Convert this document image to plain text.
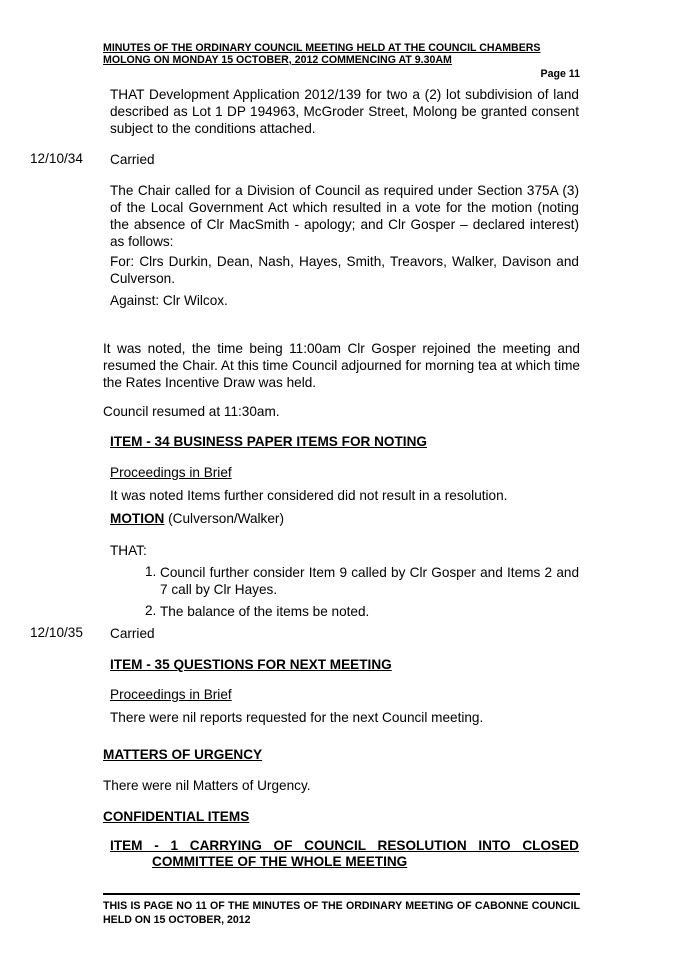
MINUTES OF THE ORDINARY COUNCIL MEETING HELD AT THE COUNCIL CHAMBERS
MOLONG ON MONDAY 15 OCTOBER, 2012 COMMENCING AT 9.30AM
Page 11
THAT Development Application 2012/139 for two a (2) lot subdivision of land described as Lot 1 DP 194963, McGroder Street, Molong be granted consent subject to the conditions attached.
12/10/34 Carried
The Chair called for a Division of Council as required under Section 375A (3) of the Local Government Act which resulted in a vote for the motion (noting the absence of Clr MacSmith - apology; and Clr Gosper – declared interest) as follows:
For: Clrs Durkin, Dean, Nash, Hayes, Smith, Treavors, Walker, Davison and Culverson.
Against: Clr Wilcox.
It was noted, the time being 11:00am Clr Gosper rejoined the meeting and resumed the Chair. At this time Council adjourned for morning tea at which time the Rates Incentive Draw was held.
Council resumed at 11:30am.
ITEM - 34 BUSINESS PAPER ITEMS FOR NOTING
Proceedings in Brief
It was noted Items further considered did not result in a resolution.
MOTION (Culverson/Walker)
THAT:
1. Council further consider Item 9 called by Clr Gosper and Items 2 and 7 call by Clr Hayes.
2. The balance of the items be noted.
12/10/35 Carried
ITEM - 35 QUESTIONS FOR NEXT MEETING
Proceedings in Brief
There were nil reports requested for the next Council meeting.
MATTERS OF URGENCY
There were nil Matters of Urgency.
CONFIDENTIAL ITEMS
ITEM - 1 CARRYING OF COUNCIL RESOLUTION INTO CLOSED
COMMITTEE OF THE WHOLE MEETING
THIS IS PAGE NO 11 OF THE MINUTES OF THE ORDINARY MEETING OF CABONNE COUNCIL HELD ON 15 OCTOBER, 2012
